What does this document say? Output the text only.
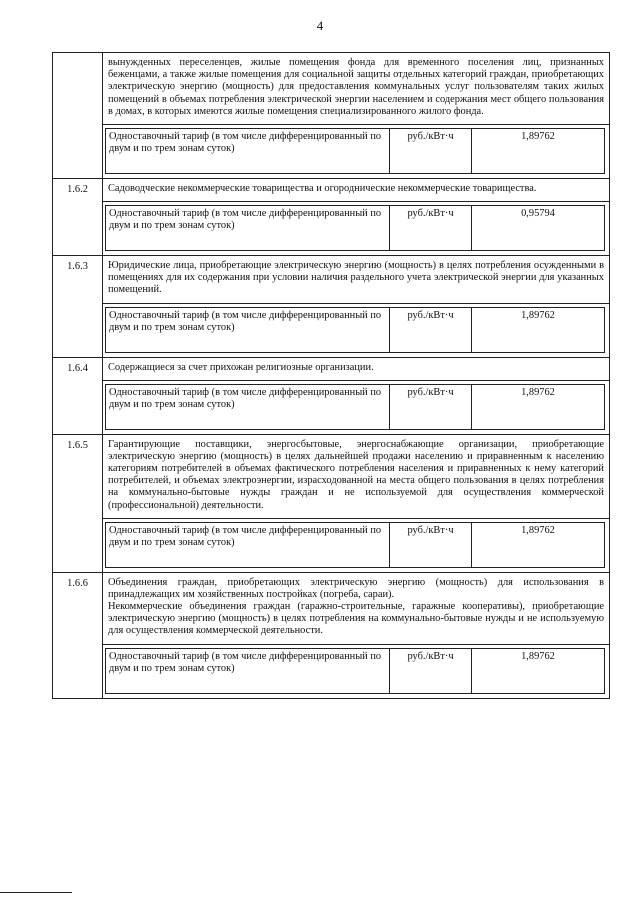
4

вынужденных переселенцев, жилые помещения фонда для временного поселения лиц, признанных беженцами, а также жилые помещения для социальной защиты отдельных категорий граждан, приобретающих электрическую энергию (мощность) для предоставления коммунальных услуг пользователям таких жилых помещений в объемах потребления электрической энергии населением и содержания мест общего пользования в домах, в которых имеются жилые помещения специализированного жилого фонда.

Одноставочный тариф (в том числе дифференцированный по двум и по трем зонам суток)	руб./кВт·ч	1,89762

1.6.2	Садоводческие некоммерческие товарищества и огороднические некоммерческие товарищества.

Одноставочный тариф (в том числе дифференцированный по двум и по трем зонам суток)	руб./кВт·ч	0,95794

1.6.3	Юридические лица, приобретающие электрическую энергию (мощность) в целях потребления осужденными в помещениях для их содержания при условии наличия раздельного учета электрической энергии для указанных помещений.

Одноставочный тариф (в том числе дифференцированный по двум и по трем зонам суток)	руб./кВт·ч	1,89762

1.6.4	Содержащиеся за счет прихожан религиозные организации.

Одноставочный тариф (в том числе дифференцированный по двум и по трем зонам суток)	руб./кВт·ч	1,89762

1.6.5	Гарантирующие поставщики, энергосбытовые, энергоснабжающие организации, приобретающие электрическую энергию (мощность) в целях дальнейшей продажи населению и приравненным к населению категориям потребителей в объемах фактического потребления населения и приравненных к нему категорий потребителей, и объемах электроэнергии, израсходованной на места общего пользования в целях потребления на коммунально-бытовые нужды граждан и не используемой для осуществления коммерческой (профессиональной) деятельности.

Одноставочный тариф (в том числе дифференцированный по двум и по трем зонам суток)	руб./кВт·ч	1,89762

1.6.6	Объединения граждан, приобретающих электрическую энергию (мощность) для использования в принадлежащих им хозяйственных постройках (погреба, сараи).

Некоммерческие объединения граждан (гаражно-строительные, гаражные кооперативы), приобретающие электрическую энергию (мощность) в целях потребления на коммунально-бытовые нужды и не используемую для осуществления коммерческой деятельности.

Одноставочный тариф (в том числе дифференцированный по двум и по трем зонам суток)	руб./кВт·ч	1,89762
